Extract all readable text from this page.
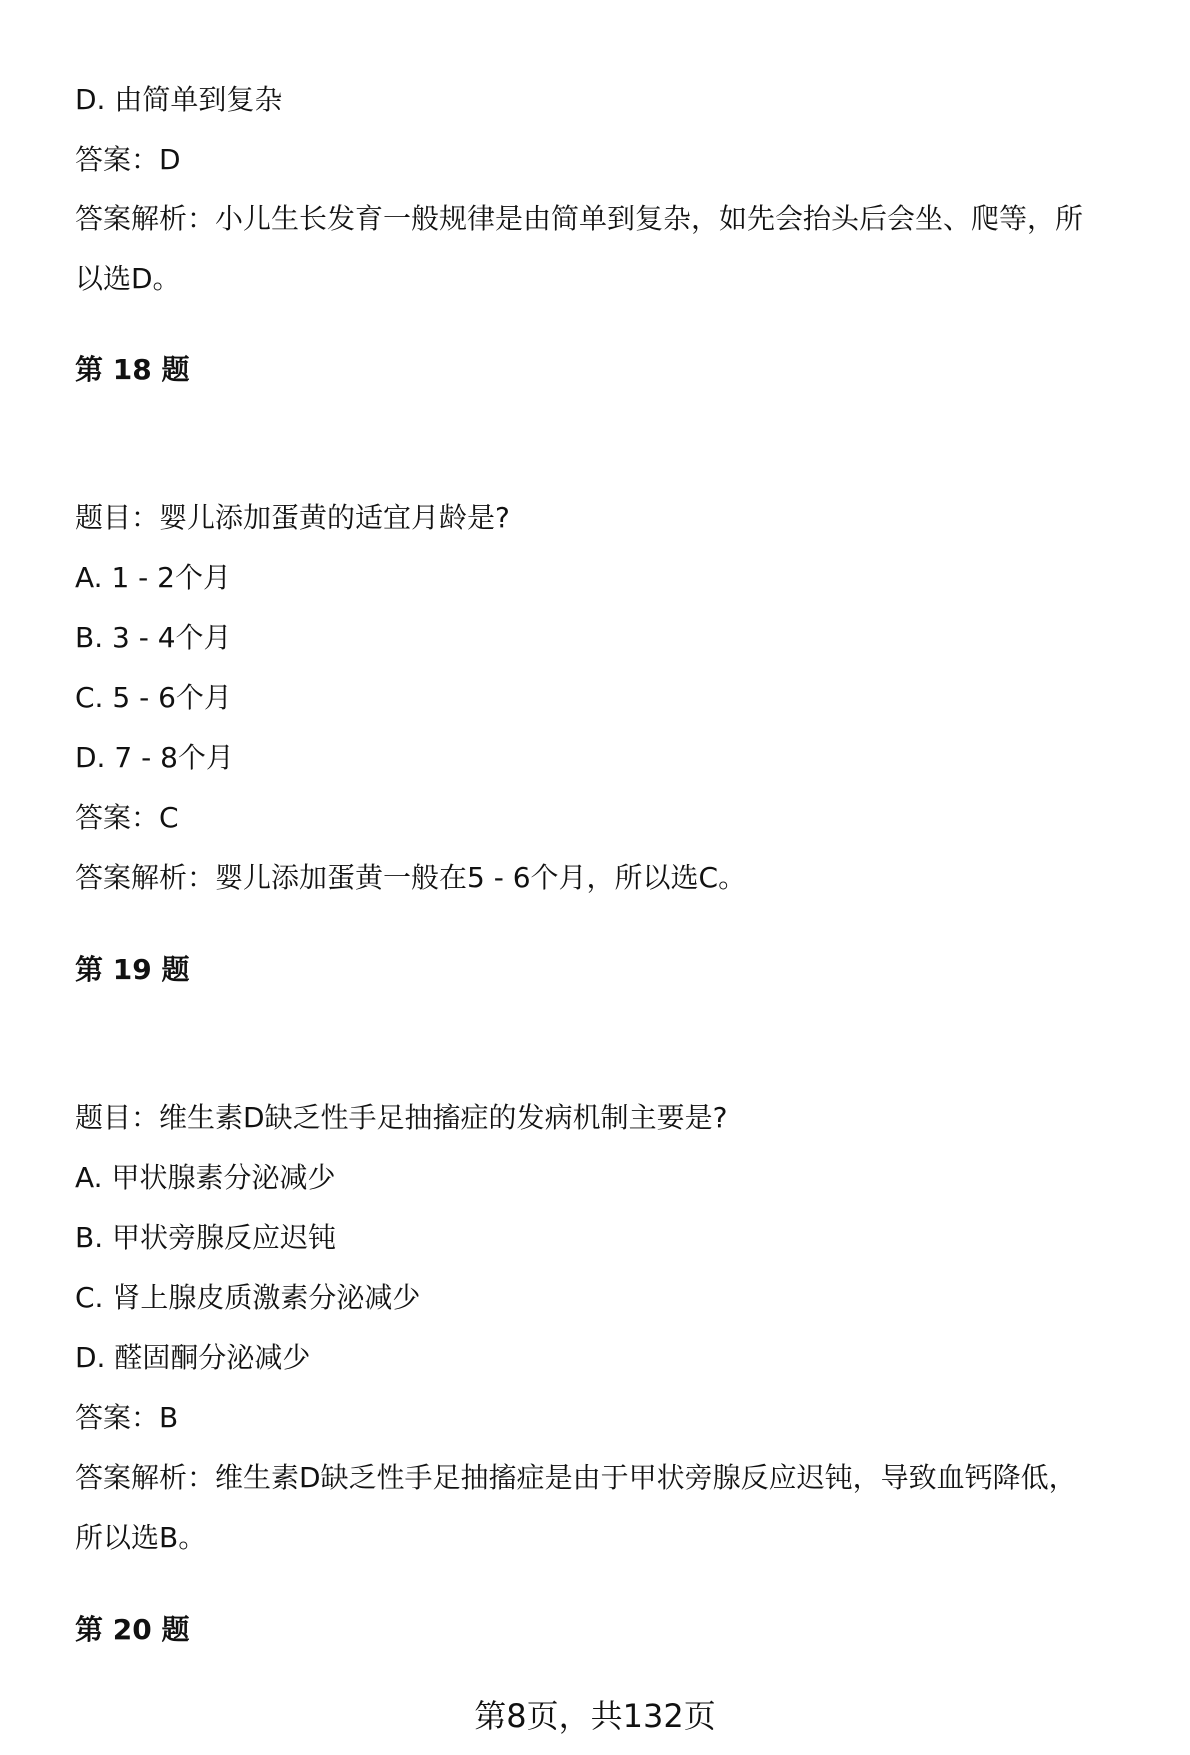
D. 由简单到复杂
答案：D
答案解析：小儿生长发育一般规律是由简单到复杂，如先会抬头后会坐、爬等，所
以选D。
第 18 题
题目：婴儿添加蛋黄的适宜月龄是?
A. 1 - 2个月
B. 3 - 4个月
C. 5 - 6个月
D. 7 - 8个月
答案：C
答案解析：婴儿添加蛋黄一般在5 - 6个月，所以选C。
第 19 题
题目：维生素D缺乏性手足抽搐症的发病机制主要是?
A. 甲状腺素分泌减少
B. 甲状旁腺反应迟钝
C. 肾上腺皮质激素分泌减少
D. 醛固酮分泌减少
答案：B
答案解析：维生素D缺乏性手足抽搐症是由于甲状旁腺反应迟钝，导致血钙降低，
所以选B。
第 20 题
第8页，共132页
